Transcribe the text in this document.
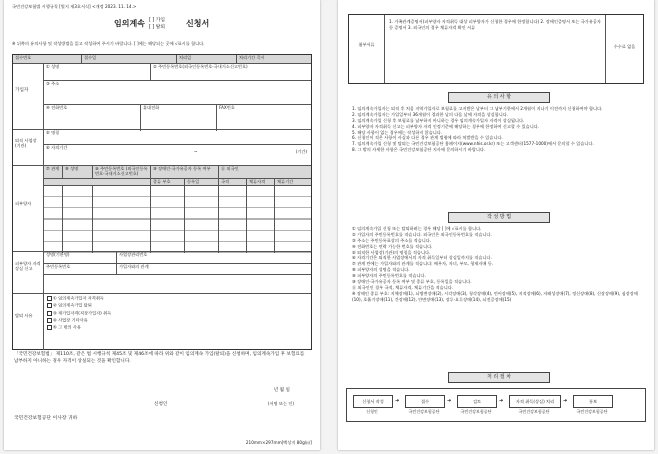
국민건강보험법 시행규칙 [별지 제3호서식] <개정 2023. 11. 14.>
임의계속 [ ] 가입
[ ] 탈퇴	신청서
※ 뒤쪽의 유의사항 및 작성방법을 읽고 작성하여 주시기 바랍니다. [ ]에는 해당되는 곳에 √표시를 합니다.
접수번호	접수일	처리일	처리기간 즉시
가입자
① 성명	② 주민등록번호(외국인등록번호·국내거소신고번호)
③ 주소
④ 전화번호	휴대전화	FAX번호
퇴직 사업장 (기관)
⑤ 명칭
⑥ 자격기간
~	(기간)
피부양자
⑦ 관계	⑧ 성명	⑨ 주민등록번호 (외국인등록번호·국내거소신고번호)
⑩ 장애인·국가유공자 등록 여부	⑪ 외국인
종류 부호	등록일	국적	체류자격	체류기간
피부양자 자격상실 신고
성명(기관명)	사업장관리번호
주민등록번호	가입자와의 관계
탈퇴 사유
① 임의계속가입자 자격취득
② 임의계속가입 탈퇴
③ 재가입자격(직장가입자) 취득
④ 사업장 기타사유
⑤ 그 밖의 사유
「국민건강보험법」 제110조, 같은 법 시행규칙 제45조 및 제46조에 따라 위와 같이 임의계속 가입(탈퇴)을 신청하며, 임의계속가입 후 보험료를 납부하지 아니하는 경우 자격이 상실되는 것을 확인합니다.
년 월 일
신청인	(서명 또는 인)
국민건강보험공단 이사장 귀하
210mm×297mm[백상지 80g/㎡]
첨부서류
1. 가족관계증명서(피부양자 자격취득 대상 피부양자가 신청한 경우에 한정합니다) 2. 장애인증명서 또는 국가유공자 등 증명서 3. 외국인의 경우 체류자격 확인 서류
수수료 없음
유 의 사 항
1. 임의계속가입자는 퇴직 후 처음 지역가입자로 보험료를 고지받은 날부터 그 납부기한에서 2개월이 지나기 이전까지 신청하여야 합니다.
2. 임의계속가입자는 가입일부터 36개월이 경과한 날의 다음 날에 자격을 상실합니다.
3. 임의계속가입 신청 후 보험료를 납부하지 아니하는 경우 임의계속가입자 자격이 상실됩니다.
4. 피부양자 자격취득 신고는 피부양자 자격 인정기준에 해당하는 경우에 한정하여 신고할 수 있습니다.
5. 해당 사항이 없는 경우에는 작성하지 않습니다.
6. 신청인이 적은 사항이 사실과 다른 경우 관계 법령에 따라 처벌받을 수 있습니다.
7. 임의계속가입 신청 및 탈퇴는 국민건강보험공단 홈페이지(www.nhis.or.kr) 또는 고객센터(1577-1000)에서 문의할 수 있습니다.
8. 그 밖의 자세한 사항은 국민건강보험공단 지사에 문의하시기 바랍니다.
작 성 방 법
① 임의계속가입 신청 또는 탈퇴하려는 경우 해당 [ ]에 √표시를 합니다.
② 가입자의 주민등록번호를 적습니다. 외국인은 외국인등록번호를 적습니다.
③ 주소는 주민등록표상의 주소를 적습니다.
④ 전화번호는 연락 가능한 번호를 적습니다.
⑤ 퇴직한 사업장(기관)의 명칭을 적습니다.
⑥ 자격기간은 퇴직한 사업장에서의 자격 취득일부터 상실일까지를 적습니다.
⑦ 관계 란에는 가입자와의 관계를 적습니다: 배우자, 자녀, 부모, 형제자매 등.
⑧ 피부양자의 성명을 적습니다.
⑨ 피부양자의 주민등록번호를 적습니다.
⑩ 장애인·국가유공자 등록 여부 및 종류 부호, 등록일을 적습니다.
⑪ 외국인인 경우 국적, 체류자격, 체류기간을 적습니다.
※ 장애인 종류 부호: 지체장애(1), 뇌병변장애(2), 시각장애(3), 청각장애(4), 언어장애(5), 지적장애(6), 자폐성장애(7), 정신장애(8), 신장장애(9), 심장장애(10), 호흡기장애(11), 간장애(12), 안면장애(13), 장루·요루장애(14), 뇌전증장애(15)
처 리 절 차
신청서 작성	➜	접수	➜	검토	➜	자격 취득(상실) 처리	➜	통보
신청인	국민건강보험공단	국민건강보험공단	국민건강보험공단	국민건강보험공단
